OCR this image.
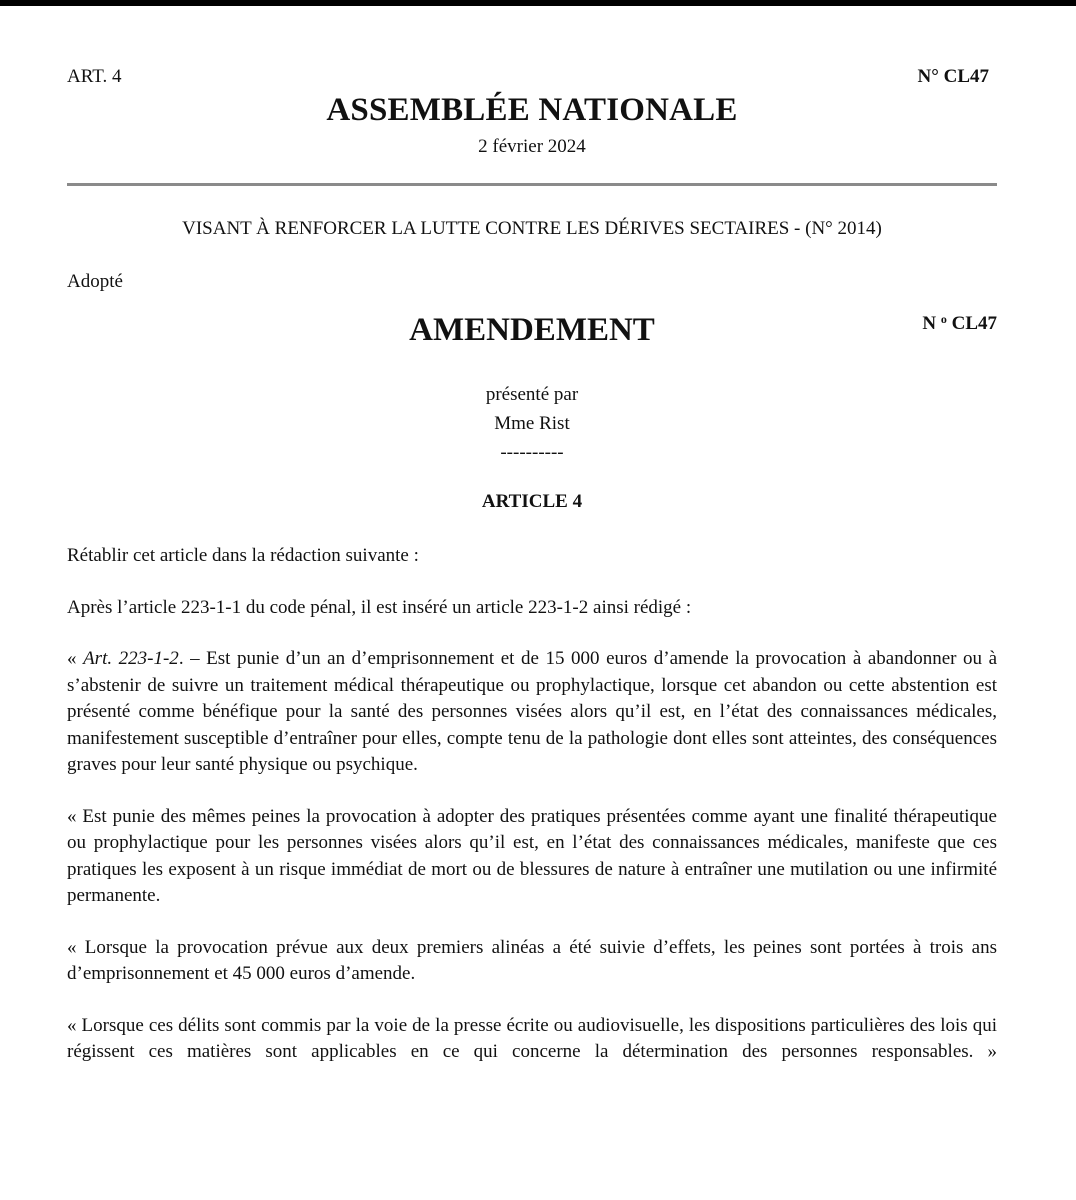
ART. 4	N° CL47
ASSEMBLÉE NATIONALE
2 février 2024
VISANT À RENFORCER LA LUTTE CONTRE LES DÉRIVES SECTAIRES - (N° 2014)
Adopté
AMENDEMENT	N $^o$ CL47
présenté par
Mme Rist
----------
ARTICLE 4

Rétablir cet article dans la rédaction suivante :

Après l’article 223-1-1 du code pénal, il est inséré un article 223-1-2 ainsi rédigé :

« Art. 223-1-2. – Est punie d’un an d’emprisonnement et de 15 000 euros d’amende la provocation à abandonner ou à s’abstenir de suivre un traitement médical thérapeutique ou prophylactique, lorsque cet abandon ou cette abstention est présenté comme bénéfique pour la santé des personnes visées alors qu’il est, en l’état des connaissances médicales, manifestement susceptible d’entraîner pour elles, compte tenu de la pathologie dont elles sont atteintes, des conséquences graves pour leur santé physique ou psychique.

« Est punie des mêmes peines la provocation à adopter des pratiques présentées comme ayant une finalité thérapeutique ou prophylactique pour les personnes visées alors qu’il est, en l’état des connaissances médicales, manifeste que ces pratiques les exposent à un risque immédiat de mort ou de blessures de nature à entraîner une mutilation ou une infirmité permanente.

« Lorsque la provocation prévue aux deux premiers alinéas a été suivie d’effets, les peines sont portées à trois ans d’emprisonnement et 45 000 euros d’amende.

« Lorsque ces délits sont commis par la voie de la presse écrite ou audiovisuelle, les dispositions particulières des lois qui régissent ces matières sont applicables en ce qui concerne la détermination des personnes responsables. »
